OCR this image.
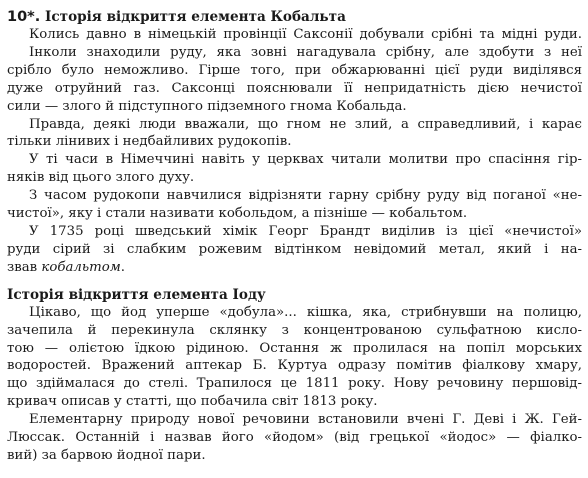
10*. Історія відкриття елемента Кобальта
Колись давно в німецькій провінції Саксонії добували срібні та мідні руди.
Інколи знаходили руду, яка зовні нагадувала срібну, але здобути з неї
срібло було неможливо. Гірше того, при обжарюванні цієї руди виділявся
дуже отруйний газ. Саксонці пояснювали її непридатність дією нечистої
сили — злого й підступного підземного гнома Кобальда.
Правда, деякі люди вважали, що гном не злий, а справедливий, і карає
тільки лінивих і недбайливих рудокопів.
У ті часи в Німеччині навіть у церквах читали молитви про спасіння гір-
няків від цього злого духу.
З часом рудокопи навчилися відрізняти гарну срібну руду від поганої «не-
чистої», яку і стали називати кобольдом, а пізніше — кобальтом.
У 1735 році шведський хімік Георг Брандт виділив із цієї «нечистої»
руди сірий зі слабким рожевим відтінком невідомий метал, який і на-
звав кобальтом.
Історія відкриття елемента Іоду
Цікаво, що йод уперше «добула»... кішка, яка, стрибнувши на полицю,
зачепила й перекинула склянку з концентрованою сульфатною кисло-
тою — олієтою їдкою рідиною. Остання ж пролилася на попіл морських
водоростей. Вражений аптекар Б. Куртуа одразу помітив фіалкову хмару,
що здіймалася до стелі. Трапилося це 1811 року. Нову речовину першовід-
кривач описав у статті, що побачила світ 1813 року.
Елементарну природу нової речовини встановили вчені Г. Деві і Ж. Гей-
Люссак. Останній і назвав його «йодом» (від грецької «йодос» — фіалко-
вий) за барвою йодної пари.
